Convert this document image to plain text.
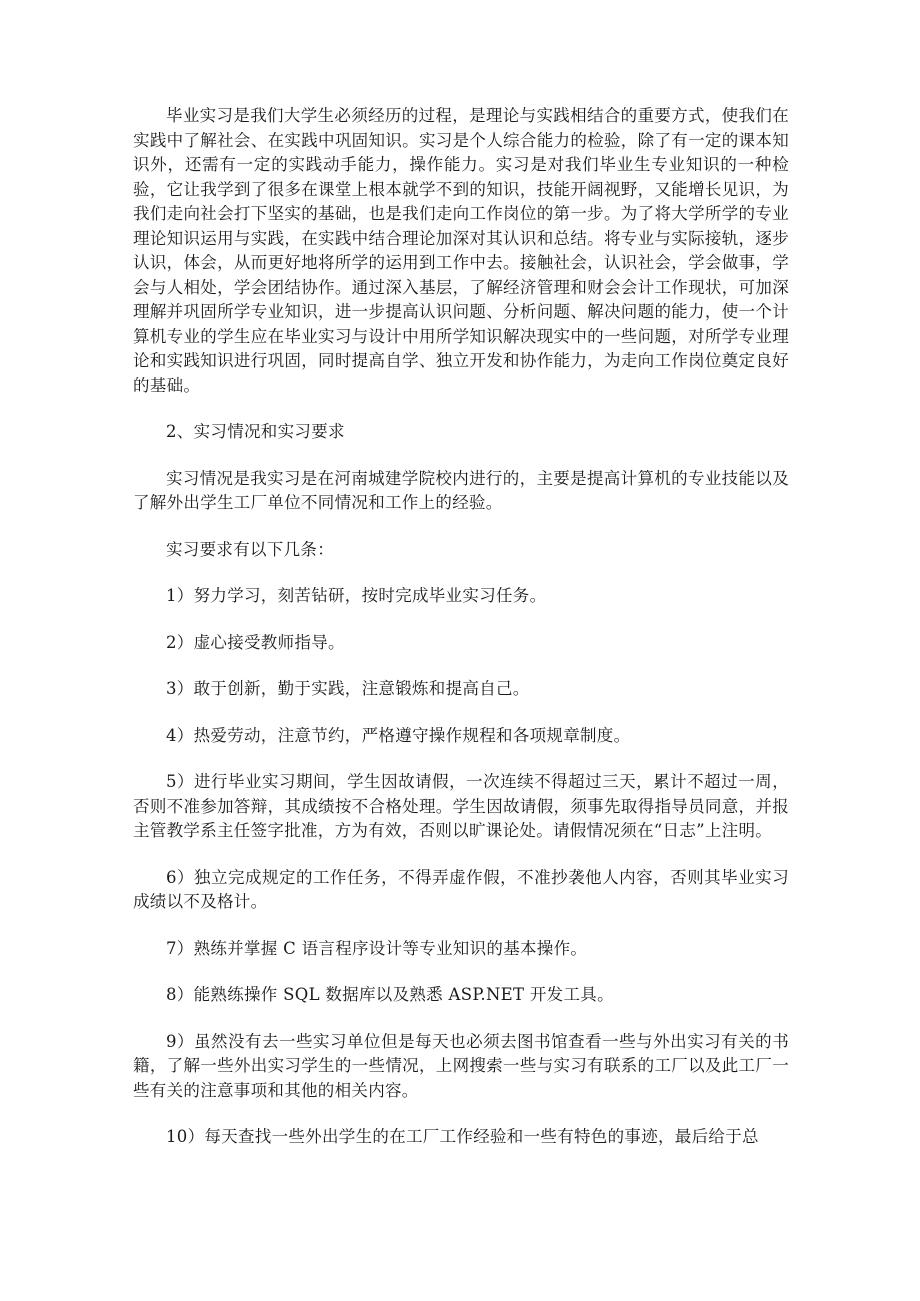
毕业实习是我们大学生必须经历的过程，是理论与实践相结合的重要方式，使我们在实践中了解社会、在实践中巩固知识。实习是个人综合能力的检验，除了有一定的课本知识外，还需有一定的实践动手能力，操作能力。实习是对我们毕业生专业知识的一种检验，它让我学到了很多在课堂上根本就学不到的知识，技能开阔视野，又能增长见识，为我们走向社会打下坚实的基础，也是我们走向工作岗位的第一步。为了将大学所学的专业理论知识运用与实践，在实践中结合理论加深对其认识和总结。将专业与实际接轨，逐步认识，体会，从而更好地将所学的运用到工作中去。接触社会，认识社会，学会做事，学会与人相处，学会团结协作。通过深入基层，了解经济管理和财会会计工作现状，可加深理解并巩固所学专业知识，进一步提高认识问题、分析问题、解决问题的能力，使一个计算机专业的学生应在毕业实习与设计中用所学知识解决现实中的一些问题，对所学专业理论和实践知识进行巩固，同时提高自学、独立开发和协作能力，为走向工作岗位奠定良好的基础。

2、实习情况和实习要求

实习情况是我实习是在河南城建学院校内进行的，主要是提高计算机的专业技能以及了解外出学生工厂单位不同情况和工作上的经验。

实习要求有以下几条：

1）努力学习，刻苦钻研，按时完成毕业实习任务。

2）虚心接受教师指导。

3）敢于创新，勤于实践，注意锻炼和提高自己。

4）热爱劳动，注意节约，严格遵守操作规程和各项规章制度。

5）进行毕业实习期间，学生因故请假，一次连续不得超过三天，累计不超过一周，否则不准参加答辩，其成绩按不合格处理。学生因故请假，须事先取得指导员同意，并报主管教学系主任签字批准，方为有效，否则以旷课论处。请假情况须在“日志”上注明。

6）独立完成规定的工作任务，不得弄虚作假，不准抄袭他人内容，否则其毕业实习成绩以不及格计。

7）熟练并掌握 C 语言程序设计等专业知识的基本操作。

8）能熟练操作 SQL 数据库以及熟悉 ASP.NET 开发工具。

9）虽然没有去一些实习单位但是每天也必须去图书馆查看一些与外出实习有关的书籍，了解一些外出实习学生的一些情况，上网搜索一些与实习有联系的工厂以及此工厂一些有关的注意事项和其他的相关内容。

10）每天查找一些外出学生的在工厂工作经验和一些有特色的事迹，最后给于总
